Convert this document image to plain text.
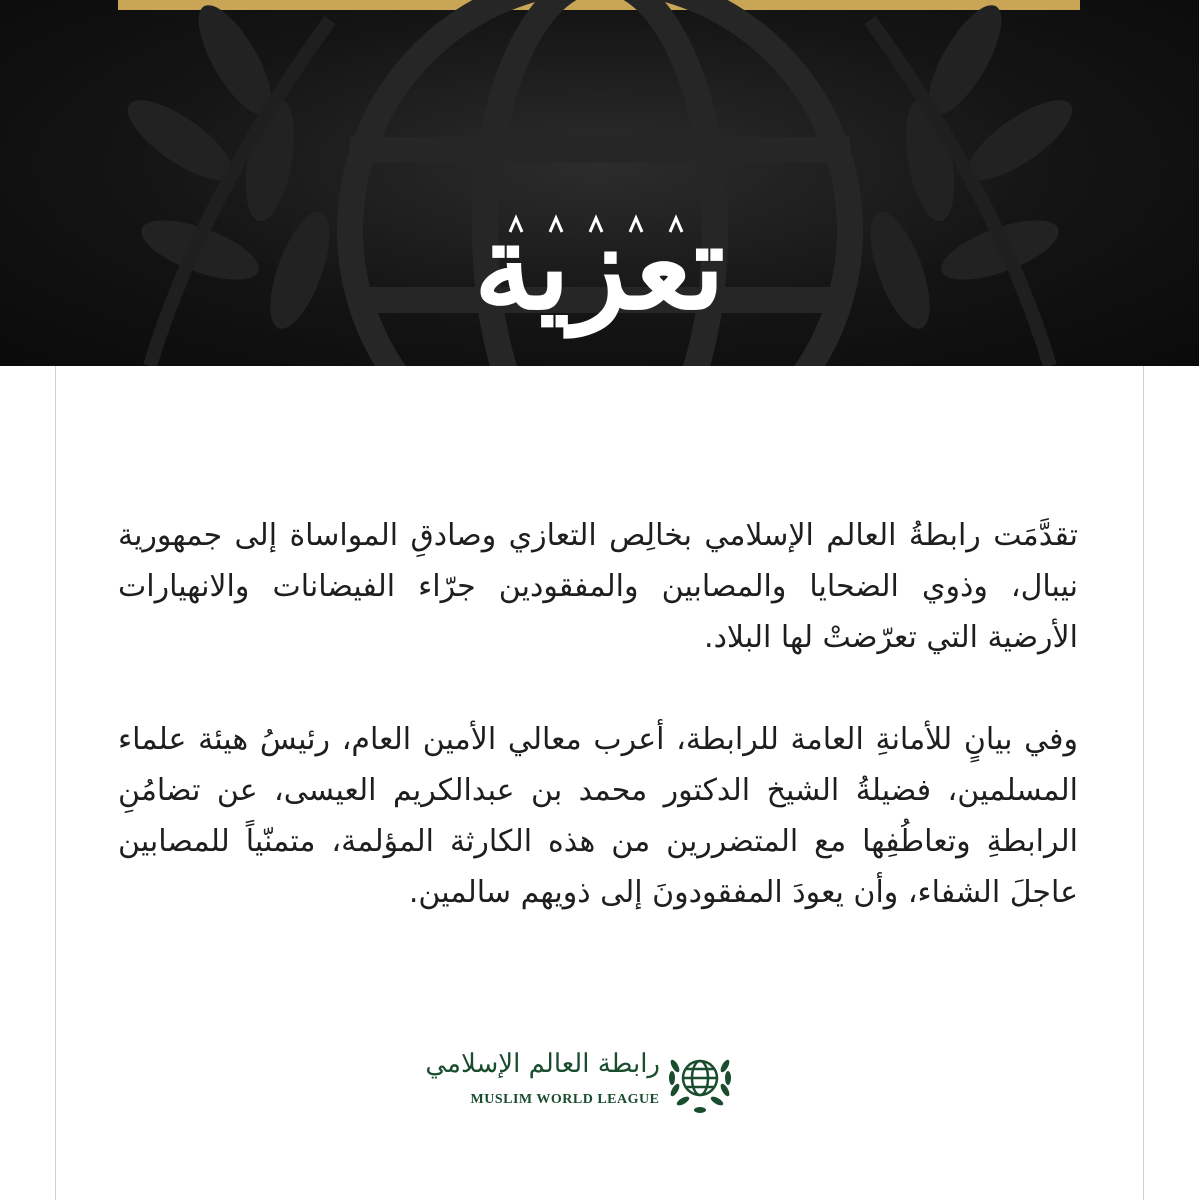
تعزية

تقدَّمَت رابطةُ العالم الإسلامي بخالِص التعازي وصادقِ المواساة إلى جمهورية نيبال، وذوي الضحايا والمصابين والمفقودين جرّاء الفيضانات والانهيارات الأرضية التي تعرّضتْ لها البلاد.

وفي بيانٍ للأمانةِ العامة للرابطة، أعرب معالي الأمين العام، رئيسُ هيئة علماء المسلمين، فضيلةُ الشيخ الدكتور محمد بن عبدالكريم العيسى، عن تضامُنِ الرابطةِ وتعاطُفِها مع المتضررين من هذه الكارثة المؤلمة، متمنّياً للمصابين عاجلَ الشفاء، وأن يعودَ المفقودونَ إلى ذويهم سالمين.

رابطة العالم الإسلامي
MUSLIM WORLD LEAGUE
